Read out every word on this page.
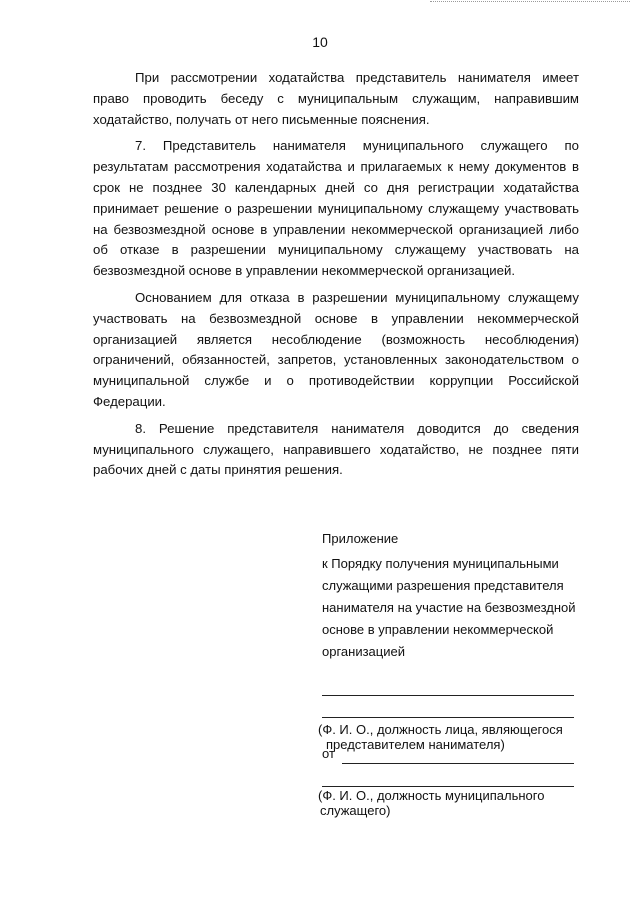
10

При рассмотрении ходатайства представитель нанимателя имеет право проводить беседу с муниципальным служащим, направившим ходатайство, получать от него письменные пояснения.

7. Представитель нанимателя муниципального служащего по результатам рассмотрения ходатайства и прилагаемых к нему документов в срок не позднее 30 календарных дней со дня регистрации ходатайства принимает решение о разрешении муниципальному служащему участвовать на безвозмездной основе в управлении некоммерческой организацией либо об отказе в разрешении муниципальному служащему участвовать на безвозмездной основе в управлении некоммерческой организацией.

Основанием для отказа в разрешении муниципальному служащему участвовать на безвозмездной основе в управлении некоммерческой организацией является несоблюдение (возможность несоблюдения) ограничений, обязанностей, запретов, установленных законодательством о муниципальной службе и о противодействии коррупции Российской Федерации.

8. Решение представителя нанимателя доводится до сведения муниципального служащего, направившего ходатайство, не позднее пяти рабочих дней с даты принятия решения.

Приложение
к Порядку получения муниципальными
служащими разрешения представителя
нанимателя на участие на безвозмездной
основе в управлении некоммерческой
организацией
(Ф. И. О., должность лица, являющегося
представителем нанимателя)
от
(Ф. И. О., должность муниципального
служащего)
